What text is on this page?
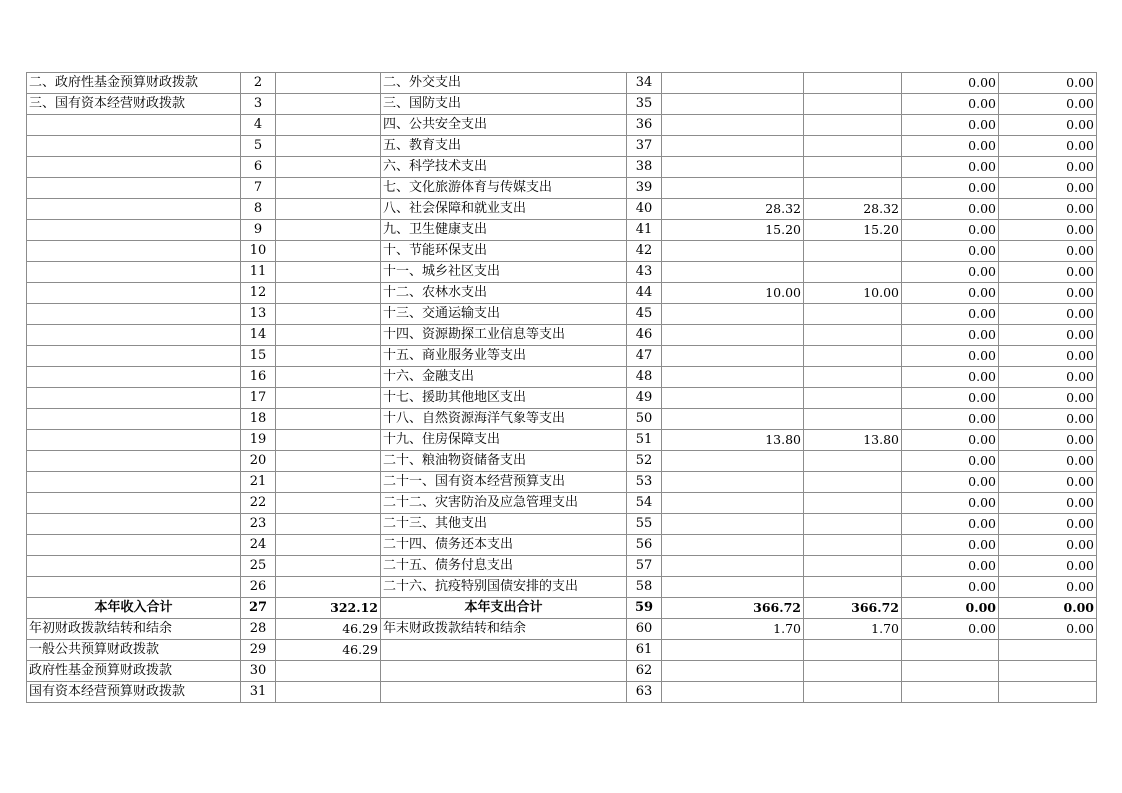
二、政府性基金预算财政拨款	2		二、外交支出	34			0.00	0.00
三、国有资本经营财政拨款	3		三、国防支出	35			0.00	0.00
	4		四、公共安全支出	36			0.00	0.00
	5		五、教育支出	37			0.00	0.00
	6		六、科学技术支出	38			0.00	0.00
	7		七、文化旅游体育与传媒支出	39			0.00	0.00
	8		八、社会保障和就业支出	40	28.32	28.32	0.00	0.00
	9		九、卫生健康支出	41	15.20	15.20	0.00	0.00
	10		十、节能环保支出	42			0.00	0.00
	11		十一、城乡社区支出	43			0.00	0.00
	12		十二、农林水支出	44	10.00	10.00	0.00	0.00
	13		十三、交通运输支出	45			0.00	0.00
	14		十四、资源勘探工业信息等支出	46			0.00	0.00
	15		十五、商业服务业等支出	47			0.00	0.00
	16		十六、金融支出	48			0.00	0.00
	17		十七、援助其他地区支出	49			0.00	0.00
	18		十八、自然资源海洋气象等支出	50			0.00	0.00
	19		十九、住房保障支出	51	13.80	13.80	0.00	0.00
	20		二十、粮油物资储备支出	52			0.00	0.00
	21		二十一、国有资本经营预算支出	53			0.00	0.00
	22		二十二、灾害防治及应急管理支出	54			0.00	0.00
	23		二十三、其他支出	55			0.00	0.00
	24		二十四、债务还本支出	56			0.00	0.00
	25		二十五、债务付息支出	57			0.00	0.00
	26		二十六、抗疫特别国债安排的支出	58			0.00	0.00
本年收入合计	27	322.12	本年支出合计	59	366.72	366.72	0.00	0.00
年初财政拨款结转和结余	28	46.29	年末财政拨款结转和结余	60	1.70	1.70	0.00	0.00
一般公共预算财政拨款	29	46.29		61				
政府性基金预算财政拨款	30			62				
国有资本经营预算财政拨款	31			63				
